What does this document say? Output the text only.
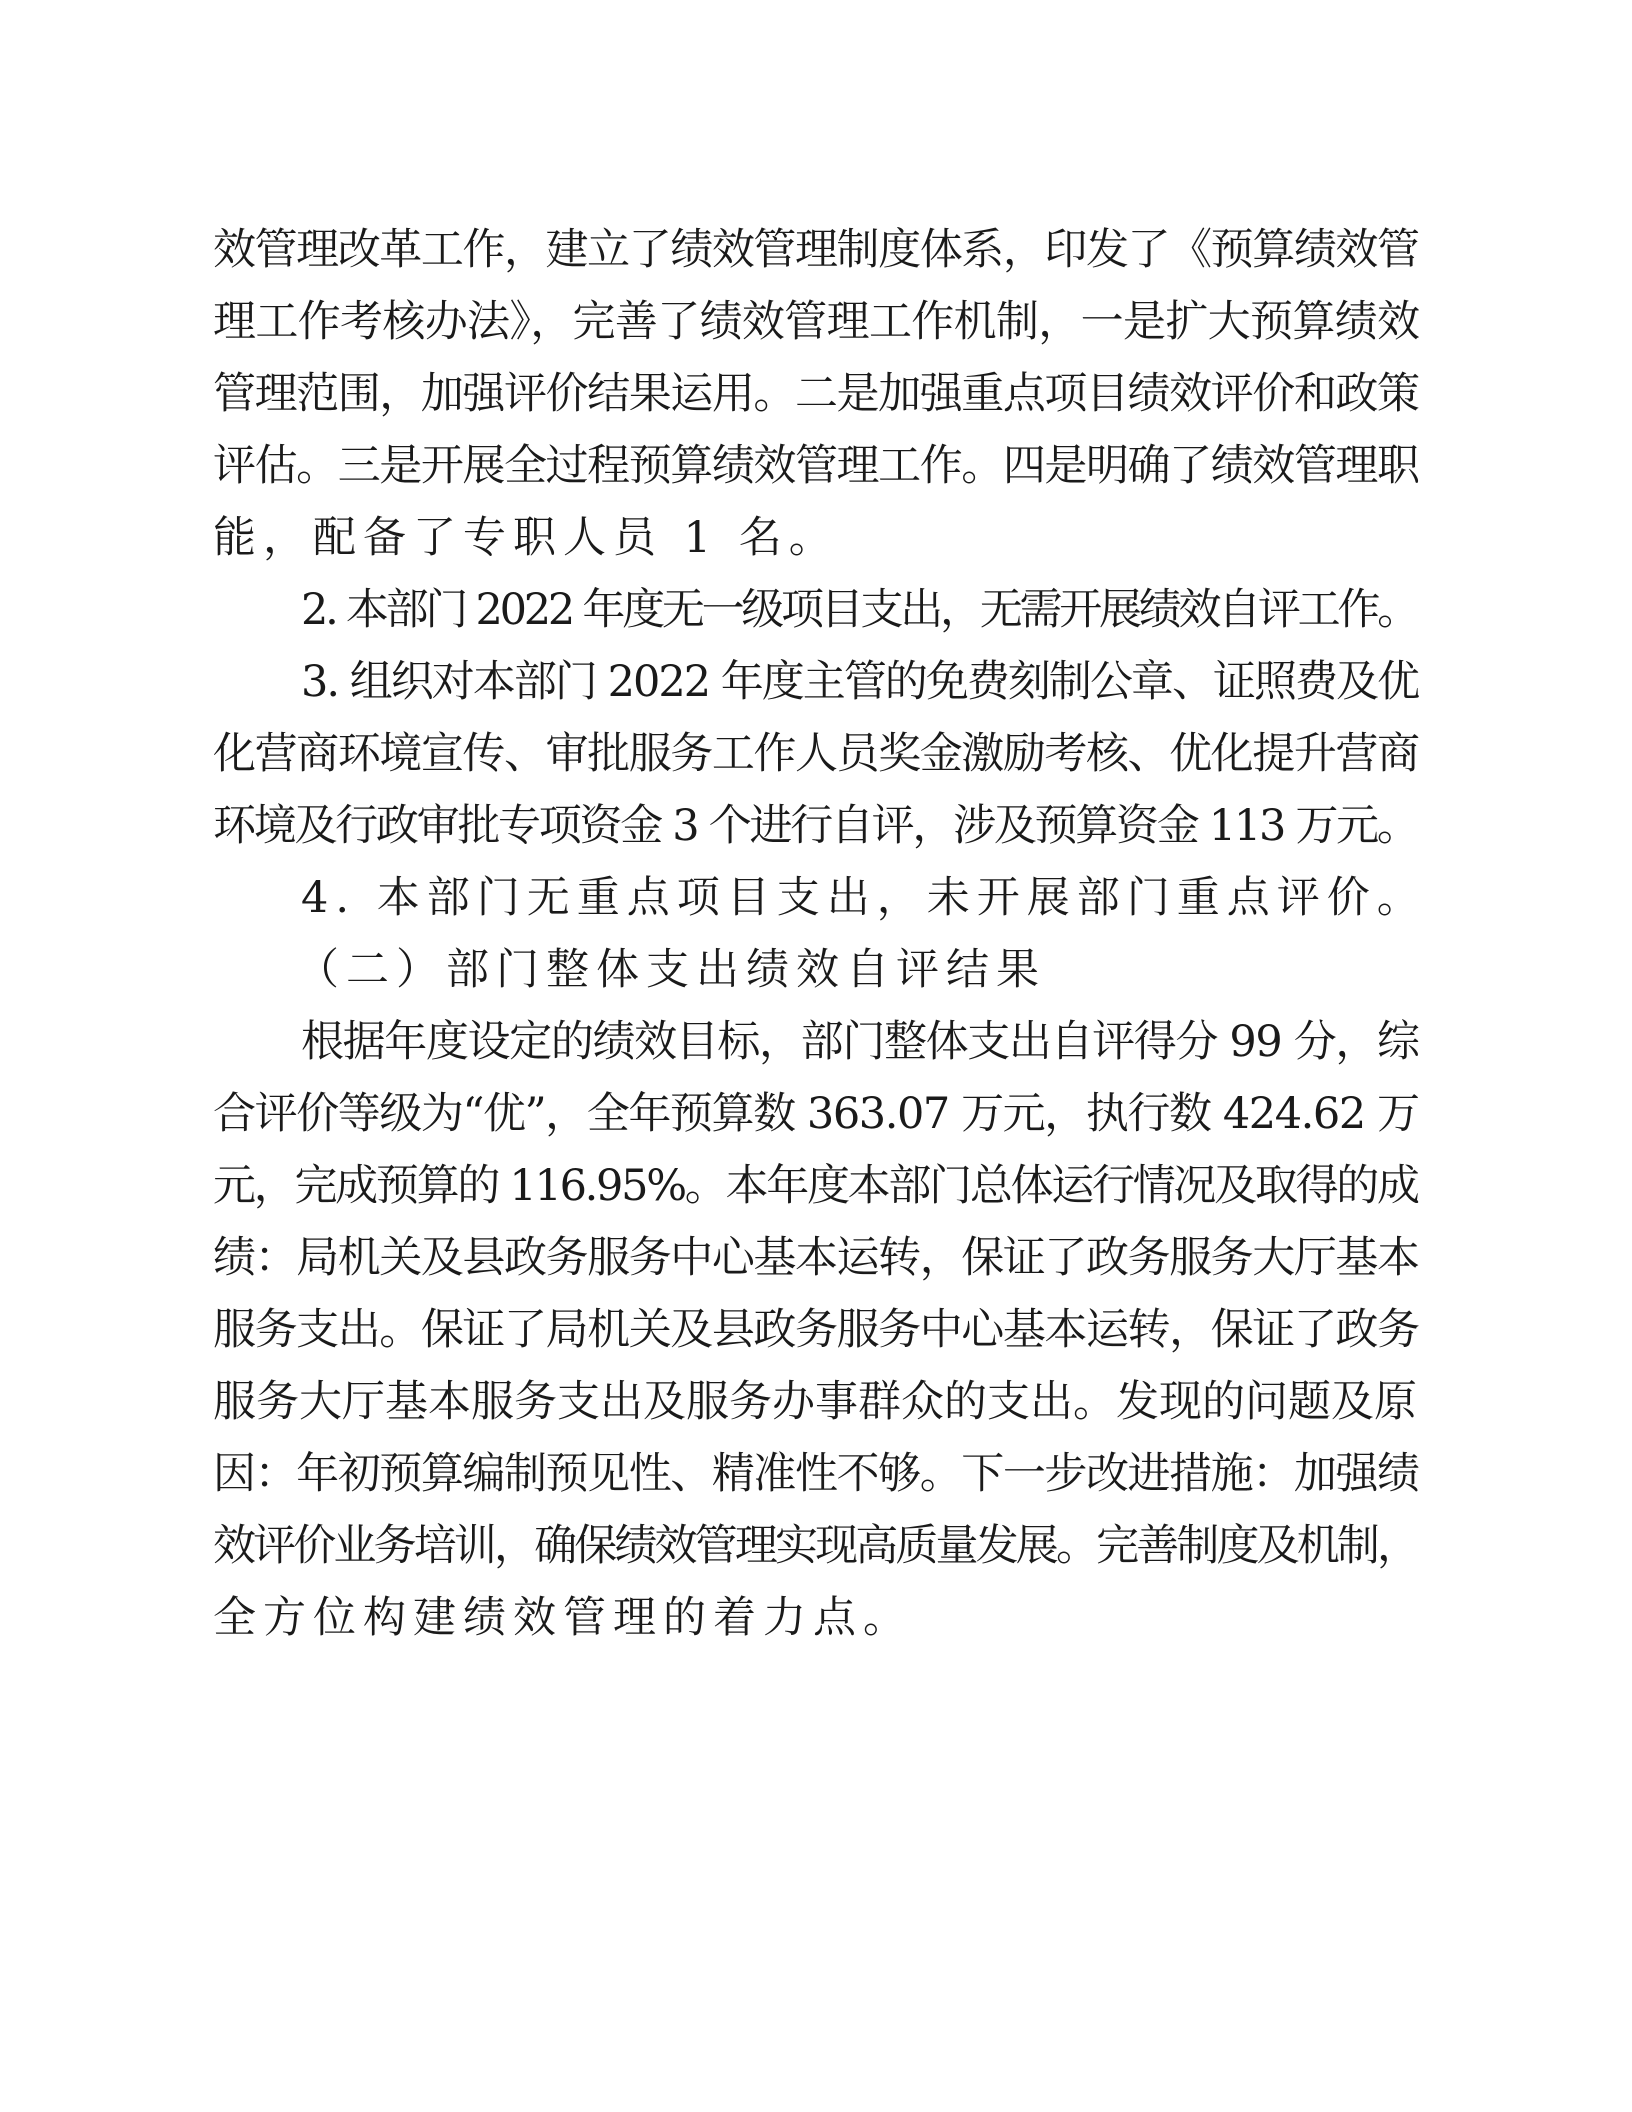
效管理改革工作，建立了绩效管理制度体系，印发了《预算绩效管
理工作考核办法》，完善了绩效管理工作机制，一是扩大预算绩效
管理范围，加强评价结果运用。二是加强重点项目绩效评价和政策
评估。三是开展全过程预算绩效管理工作。四是明确了绩效管理职
能，配备了专职人员 1 名。
2. 本部门 2022 年度无一级项目支出，无需开展绩效自评工作。
3. 组织对本部门 2022 年度主管的免费刻制公章、证照费及优
化营商环境宣传、审批服务工作人员奖金激励考核、优化提升营商
环境及行政审批专项资金 3 个进行自评，涉及预算资金 113 万元。
4. 本部门无重点项目支出，未开展部门重点评价。
（二）部门整体支出绩效自评结果
根据年度设定的绩效目标，部门整体支出自评得分 99 分，综
合评价等级为“优”，全年预算数 363.07 万元，执行数 424.62 万
元，完成预算的 116.95%。本年度本部门总体运行情况及取得的成
绩：局机关及县政务服务中心基本运转，保证了政务服务大厅基本
服务支出。保证了局机关及县政务服务中心基本运转，保证了政务
服务大厅基本服务支出及服务办事群众的支出。发现的问题及原
因：年初预算编制预见性、精准性不够。下一步改进措施：加强绩
效评价业务培训，确保绩效管理实现高质量发展。完善制度及机制，
全方位构建绩效管理的着力点。
